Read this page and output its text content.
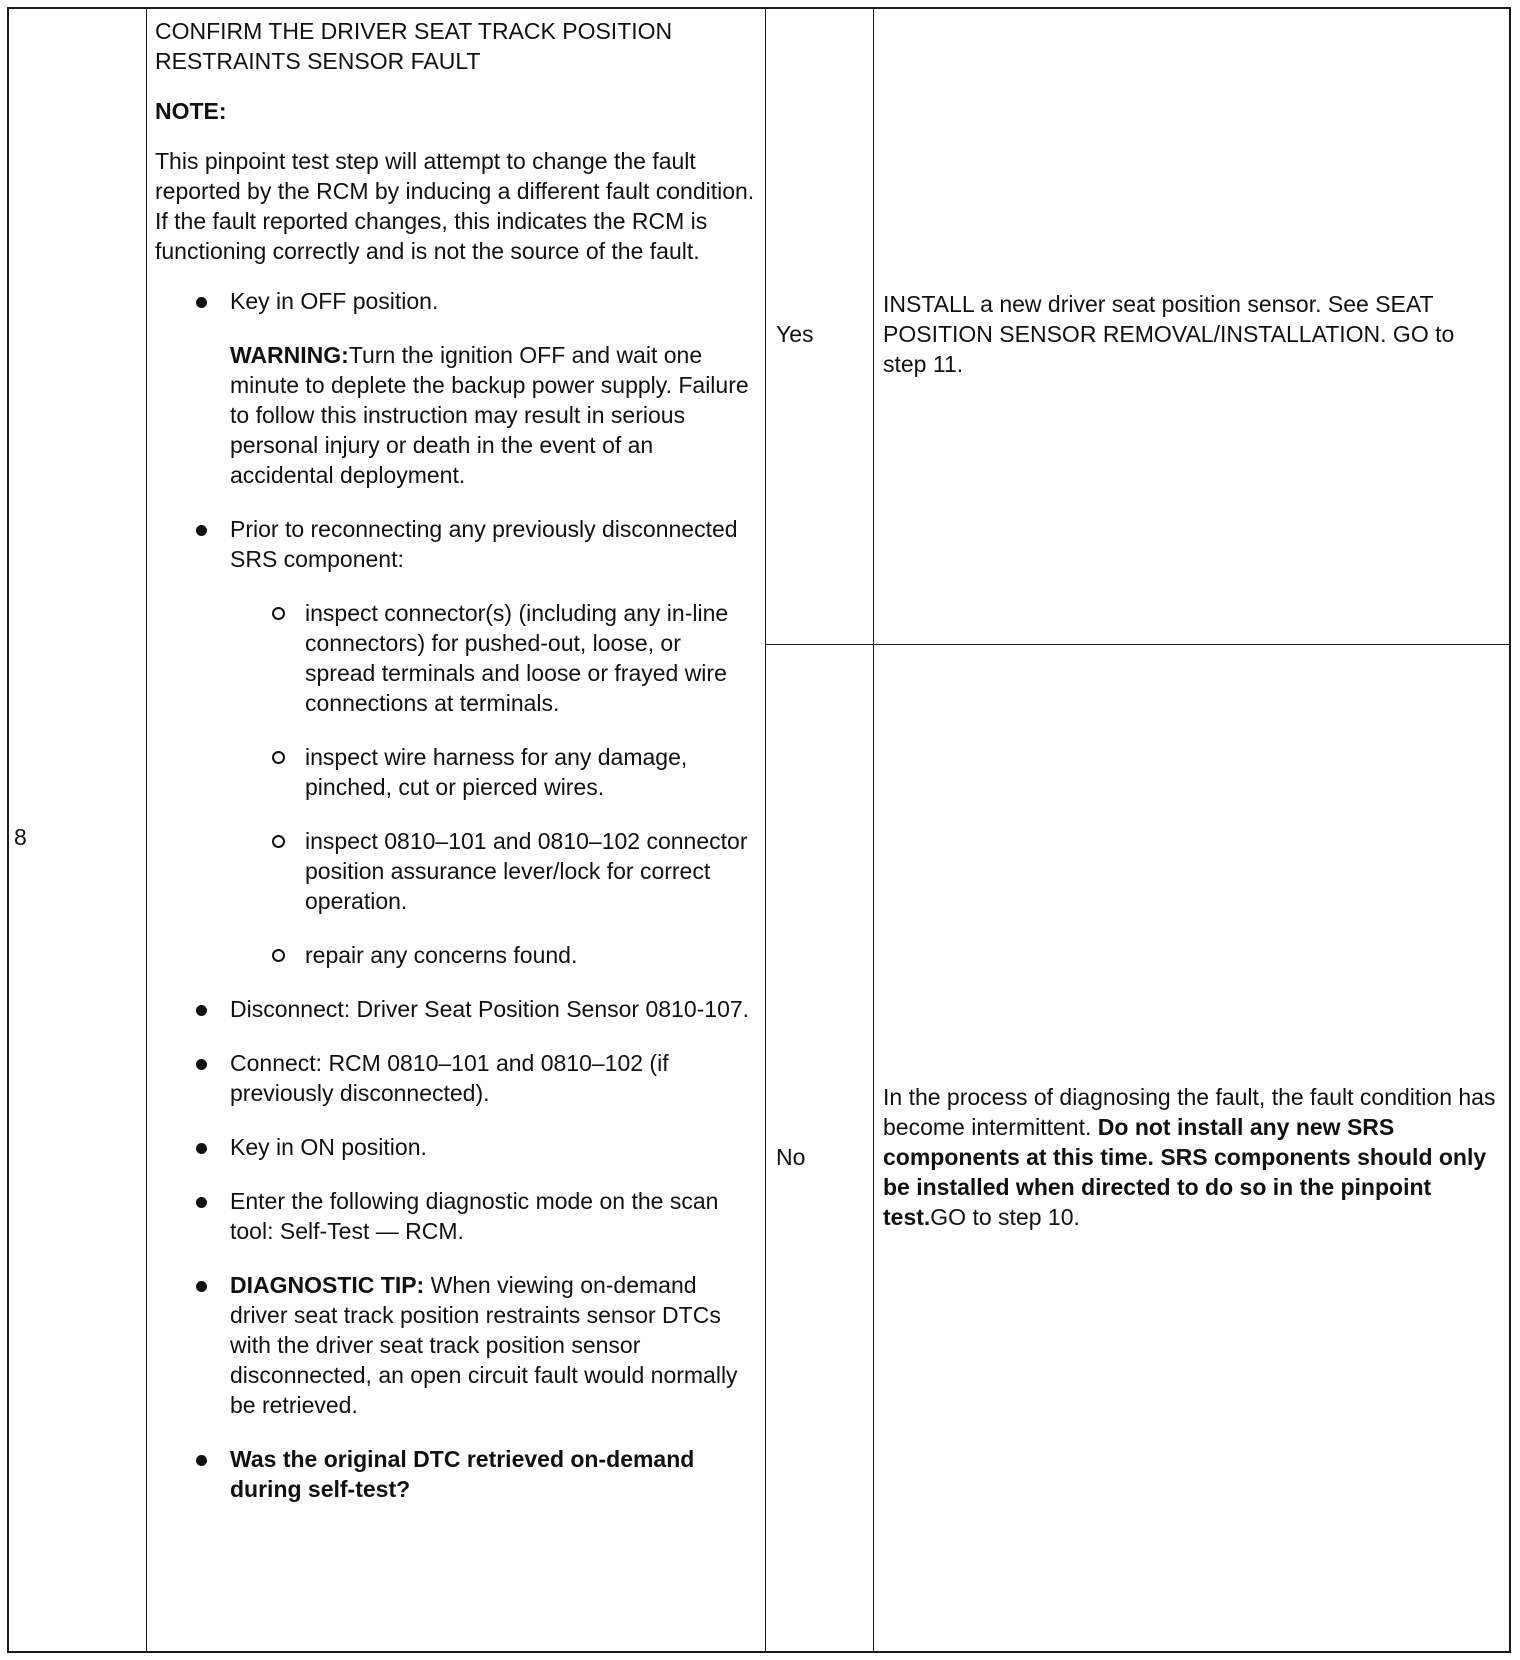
8

CONFIRM THE DRIVER SEAT TRACK POSITION RESTRAINTS SENSOR FAULT

NOTE:

This pinpoint test step will attempt to change the fault reported by the RCM by inducing a different fault condition. If the fault reported changes, this indicates the RCM is functioning correctly and is not the source of the fault.

Key in OFF position.
WARNING:Turn the ignition OFF and wait one minute to deplete the backup power supply. Failure to follow this instruction may result in serious personal injury or death in the event of an accidental deployment.
Prior to reconnecting any previously disconnected SRS component:
inspect connector(s) (including any in-line connectors) for pushed-out, loose, or spread terminals and loose or frayed wire connections at terminals.
inspect wire harness for any damage, pinched, cut or pierced wires.
inspect 0810–101 and 0810–102 connector position assurance lever/lock for correct operation.
repair any concerns found.
Disconnect: Driver Seat Position Sensor 0810-107.
Connect: RCM 0810–101 and 0810–102 (if previously disconnected).
Key in ON position.
Enter the following diagnostic mode on the scan tool: Self-Test — RCM.
DIAGNOSTIC TIP: When viewing on-demand driver seat track position restraints sensor DTCs with the driver seat track position sensor disconnected, an open circuit fault would normally be retrieved.
Was the original DTC retrieved on-demand during self-test?
Yes
INSTALL a new driver seat position sensor. See SEAT POSITION SENSOR REMOVAL/INSTALLATION. GO to step 11.
No
In the process of diagnosing the fault, the fault condition has become intermittent. Do not install any new SRS components at this time. SRS components should only be installed when directed to do so in the pinpoint test.GO to step 10.
